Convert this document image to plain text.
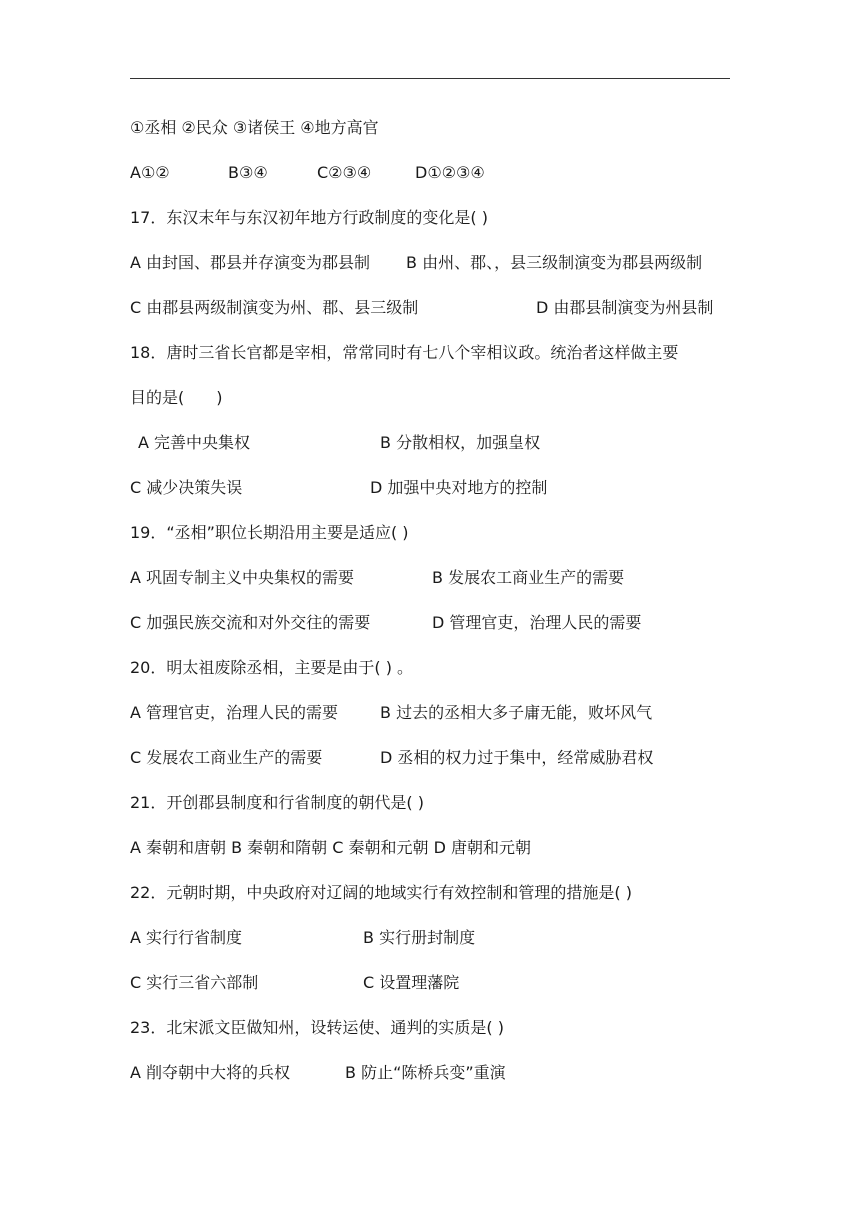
①丞相 ②民众 ③诸侯王 ④地方高官
A①②	B③④	C②③④	D①②③④
17．东汉末年与东汉初年地方行政制度的变化是( )
A 由封国、郡县并存演变为郡县制 B 由州、郡、，县三级制演变为郡县两级制
C 由郡县两级制演变为州、郡、县三级制	D 由郡县制演变为州县制
18．唐时三省长官都是宰相，常常同时有七八个宰相议政。统治者这样做主要
目的是(　　)
A 完善中央集权	B 分散相权，加强皇权
C 减少决策失误	D 加强中央对地方的控制
19．“丞相”职位长期沿用主要是适应( )
A 巩固专制主义中央集权的需要	B 发展农工商业生产的需要
C 加强民族交流和对外交往的需要	D 管理官吏，治理人民的需要
20．明太祖废除丞相，主要是由于( ) 。
A 管理官吏，治理人民的需要	B 过去的丞相大多子庸无能，败坏风气
C 发展农工商业生产的需要	D 丞相的权力过于集中，经常威胁君权
21．开创郡县制度和行省制度的朝代是( )
A 秦朝和唐朝 B 秦朝和隋朝 C 秦朝和元朝 D 唐朝和元朝
22．元朝时期，中央政府对辽阔的地域实行有效控制和管理的措施是( )
A 实行行省制度	B 实行册封制度
C 实行三省六部制	C 设置理藩院
23．北宋派文臣做知州，设转运使、通判的实质是( )
A 削夺朝中大将的兵权	B 防止“陈桥兵变”重演
